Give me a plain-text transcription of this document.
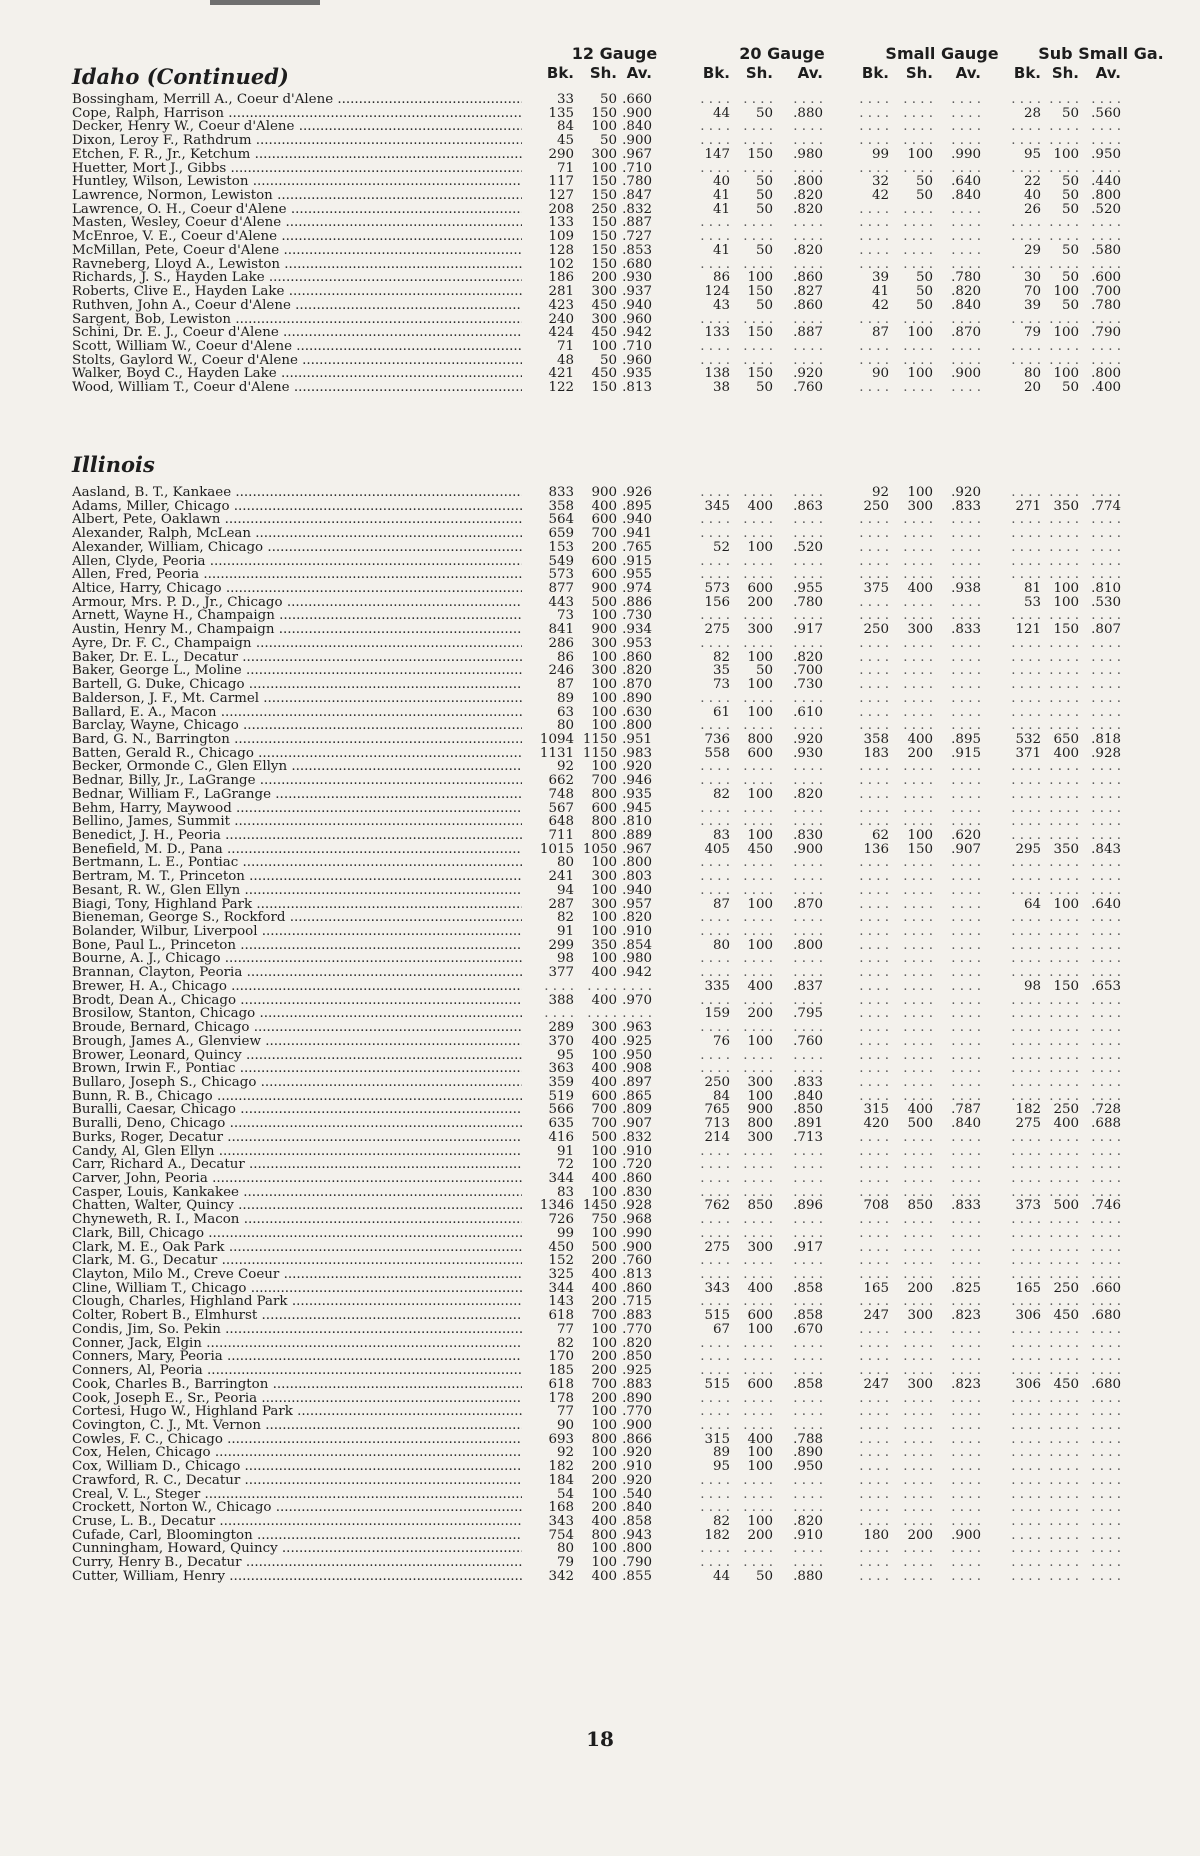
12 Gauge
Bk.	Sh. Av.
20 Gauge
Bk.	Sh.	Av.
Small Gauge
Bk.	Sh.	Av.
Sub Small Ga.
Bk. Sh.	Av.
Idaho (Continued)
Bossingham, Merrill A., Coeur d'Alene .....	33	50 .660	. . . . . . . .	. . . .	. . . .	. . . .	. . . .	. . . . . . . . . . . .
Cope, Ralph, Harrison .....	135	150 .900	44	50	.880	. . . .	. . . .	. . . .	28	50 .560
Decker, Henry W., Coeur d'Alene .....	84	100 .840	. . . . . . . .	. . . .	. . . .	. . . .	. . . .	. . . . . . . . . . . .
Dixon, Leroy F., Rathdrum .....	45	50 .900	. . . . . . . .	. . . .	. . . .	. . . .	. . . .	. . . . . . . . . . . .
Etchen, F. R., Jr., Ketchum .....	290	300 .967	147	150	.980	99	100	.990	95 100 .950
Huetter, Mort J., Gibbs .....	71	100 .710	. . . . . . . .	. . . .	. . . .	. . . .	. . . .	. . . . . . . . . . . .
Huntley, Wilson, Lewiston .....	117	150 .780	40	50	.800	32	50	.640	22	50 .440
Lawrence, Normon, Lewiston .....	127	150 .847	41	50	.820	42	50	.840	40	50 .800
Lawrence, O. H., Coeur d'Alene .....	208	250 .832	41	50	.820	. . . .	. . . .	. . . .	26	50 .520
Masten, Wesley, Coeur d'Alene .....	133	150 .887	. . . . . . . .	. . . .	. . . .	. . . .	. . . .	. . . . . . . . . . . .
McEnroe, V. E., Coeur d'Alene .....	109	150 .727	. . . . . . . .	. . . .	. . . .	. . . .	. . . .	. . . . . . . . . . . .
McMillan, Pete, Coeur d'Alene .....	128	150 .853	41	50	.820	. . . .	. . . .	. . . .	29	50 .580
Ravneberg, Lloyd A., Lewiston .....	102	150 .680	. . . . . . . .	. . . .	. . . .	. . . .	. . . .	. . . . . . . . . . . .
Richards, J. S., Hayden Lake .....	186	200 .930	86	100	.860	39	50	.780	30	50 .600
Roberts, Clive E., Hayden Lake .....	281	300 .937	124	150	.827	41	50	.820	70 100 .700
Ruthven, John A., Coeur d'Alene .....	423	450 .940	43	50	.860	42	50	.840	39	50 .780
Sargent, Bob, Lewiston .....	240	300 .960	. . . . . . . .	. . . .	. . . .	. . . .	. . . .	. . . . . . . . . . . .
Schini, Dr. E. J., Coeur d'Alene .....	424	450 .942	133	150	.887	87	100	.870	79 100 .790
Scott, William W., Coeur d'Alene .....	71	100 .710	. . . . . . . .	. . . .	. . . .	. . . .	. . . .	. . . . . . . . . . . .
Stolts, Gaylord W., Coeur d'Alene .....	48	50 .960	. . . . . . . .	. . . .	. . . .	. . . .	. . . .	. . . . . . . . . . . .
Walker, Boyd C., Hayden Lake .....	421	450 .935	138	150	.920	90	100	.900	80 100 .800
Wood, William T., Coeur d'Alene .....	122	150 .813	38	50	.760	. . . .	. . . .	. . . .	20	50 .400
Illinois
Aasland, B. T., Kankaee .....	833	900 .926	. . . . . . . .	. . . .	92	100	.920	. . . . . . . . . . . .
Adams, Miller, Chicago .....	358	400 .895	345	400	.863	250	300	.833	271 350 .774
Albert, Pete, Oaklawn .....	564	600 .940	. . . . . . . .	. . . .	. . . .	. . . .	. . . .	. . . . . . . . . . . .
Alexander, Ralph, McLean .....	659	700 .941	. . . . . . . .	. . . .	. . . .	. . . .	. . . .	. . . . . . . . . . . .
Alexander, William, Chicago .....	153	200 .765	52	100	.520	. . . .	. . . .	. . . .	. . . . . . . . . . . .
Allen, Clyde, Peoria .....	549	600 .915	. . . . . . . .	. . . .	. . . .	. . . .	. . . .	. . . . . . . . . . . .
Allen, Fred, Peoria .....	573	600 .955	. . . . . . . .	. . . .	. . . .	. . . .	. . . .	. . . . . . . . . . . .
Altice, Harry, Chicago .....	877	900 .974	573	600	.955	375	400	.938	81 100 .810
Armour, Mrs. P. D., Jr., Chicago .....	443	500 .886	156	200	.780	. . . .	. . . .	. . . .	53 100 .530
Arnett, Wayne H., Champaign .....	73	100 .730	. . . . . . . .	. . . .	. . . .	. . . .	. . . .	. . . . . . . . . . . .
Austin, Henry M., Champaign .....	841	900 .934	275	300	.917	250	300	.833	121 150 .807
Ayre, Dr. F. C., Champaign .....	286	300 .953	. . . . . . . .	. . . .	. . . .	. . . .	. . . .	. . . . . . . . . . . .
Baker, Dr. E. L., Decatur .....	86	100 .860	82	100	.820	. . . .	. . . .	. . . .	. . . . . . . . . . . .
Baker, George L., Moline .....	246	300 .820	35	50	.700	. . . .	. . . .	. . . .	. . . . . . . . . . . .
Bartell, G. Duke, Chicago .....	87	100 .870	73	100	.730	. . . .	. . . .	. . . .	. . . . . . . . . . . .
Balderson, J. F., Mt. Carmel .....	89	100 .890	. . . . . . . .	. . . .	. . . .	. . . .	. . . .	. . . . . . . . . . . .
Ballard, E. A., Macon .....	63	100 .630	61	100	.610	. . . .	. . . .	. . . .	. . . . . . . . . . . .
Barclay, Wayne, Chicago .....	80	100 .800	. . . . . . . .	. . . .	. . . .	. . . .	. . . .	. . . . . . . . . . . .
Bard, G. N., Barrington .....	1094 1150 .951	736	800	.920	358	400	.895	532 650 .818
Batten, Gerald R., Chicago .....	1131 1150 .983	558	600	.930	183	200	.915	371 400 .928
Becker, Ormonde C., Glen Ellyn .....	92	100 .920	. . . . . . . .	. . . .	. . . .	. . . .	. . . .	. . . . . . . . . . . .
Bednar, Billy, Jr., LaGrange .....	662	700 .946	. . . . . . . .	. . . .	. . . .	. . . .	. . . .	. . . . . . . . . . . .
Bednar, William F., LaGrange .....	748	800 .935	82	100	.820	. . . .	. . . .	. . . .	. . . . . . . . . . . .
Behm, Harry, Maywood .....	567	600 .945	. . . . . . . .	. . . .	. . . .	. . . .	. . . .	. . . . . . . . . . . .
Bellino, James, Summit .....	648	800 .810	. . . . . . . .	. . . .	. . . .	. . . .	. . . .	. . . . . . . . . . . .
Benedict, J. H., Peoria .....	711	800 .889	83	100	.830	62	100	.620	. . . . . . . . . . . .
Benefield, M. D., Pana .....	1015 1050 .967	405	450	.900	136	150	.907	295 350 .843
Bertmann, L. E., Pontiac .....	80	100 .800	. . . . . . . .	. . . .	. . . .	. . . .	. . . .	. . . . . . . . . . . .
Bertram, M. T., Princeton .....	241	300 .803	. . . . . . . .	. . . .	. . . .	. . . .	. . . .	. . . . . . . . . . . .
Besant, R. W., Glen Ellyn .....	94	100 .940	. . . . . . . .	. . . .	. . . .	. . . .	. . . .	. . . . . . . . . . . .
Biagi, Tony, Highland Park .....	287	300 .957	87	100	.870	. . . .	. . . .	. . . .	64 100 .640
Bieneman, George S., Rockford .....	82	100 .820	. . . . . . . .	. . . .	. . . .	. . . .	. . . .	. . . . . . . . . . . .
Bolander, Wilbur, Liverpool .....	91	100 .910	. . . . . . . .	. . . .	. . . .	. . . .	. . . .	. . . . . . . . . . . .
Bone, Paul L., Princeton .....	299	350 .854	80	100	.800	. . . .	. . . .	. . . .	. . . . . . . . . . . .
Bourne, A. J., Chicago .....	98	100 .980	. . . . . . . .	. . . .	. . . .	. . . .	. . . .	. . . . . . . . . . . .
Brannan, Clayton, Peoria .....	377	400 .942	. . . . . . . .	. . . .	. . . .	. . . .	. . . .	. . . . . . . . . . . .
Brewer, H. A., Chicago .....	. . . . . . . . . . . .	335	400	.837	. . . .	. . . .	. . . .	98 150 .653
Brodt, Dean A., Chicago .....	388	400 .970	. . . . . . . .	. . . .	. . . .	. . . .	. . . .	. . . . . . . . . . . .
Brosilow, Stanton, Chicago .....	. . . . . . . . . . . .	159	200	.795	. . . .	. . . .	. . . .	. . . . . . . . . . . .
Broude, Bernard, Chicago .....	289	300 .963	. . . . . . . .	. . . .	. . . .	. . . .	. . . .	. . . . . . . . . . . .
Brough, James A., Glenview .....	370	400 .925	76	100	.760	. . . .	. . . .	. . . .	. . . . . . . . . . . .
Brower, Leonard, Quincy .....	95	100 .950	. . . . . . . .	. . . .	. . . .	. . . .	. . . .	. . . . . . . . . . . .
Brown, Irwin F., Pontiac .....	363	400 .908	. . . . . . . .	. . . .	. . . .	. . . .	. . . .	. . . . . . . . . . . .
Bullaro, Joseph S., Chicago .....	359	400 .897	250	300	.833	. . . .	. . . .	. . . .	. . . . . . . . . . . .
Bunn, R. B., Chicago .....	519	600 .865	84	100	.840	. . . .	. . . .	. . . .	. . . . . . . . . . . .
Buralli, Caesar, Chicago .....	566	700 .809	765	900	.850	315	400	.787	182 250 .728
Buralli, Deno, Chicago .....	635	700 .907	713	800	.891	420	500	.840	275 400 .688
Burks, Roger, Decatur .....	416	500 .832	214	300	.713	. . . .	. . . .	. . . .	. . . . . . . . . . . .
Candy, Al, Glen Ellyn .....	91	100 .910	. . . . . . . .	. . . .	. . . .	. . . .	. . . .	. . . . . . . . . . . .
Carr, Richard A., Decatur .....	72	100 .720	. . . . . . . .	. . . .	. . . .	. . . .	. . . .	. . . . . . . . . . . .
Carver, John, Peoria .....	344	400 .860	. . . . . . . .	. . . .	. . . .	. . . .	. . . .	. . . . . . . . . . . .
Casper, Louis, Kankakee .....	83	100 .830	. . . . . . . .	. . . .	. . . .	. . . .	. . . .	. . . . . . . . . . . .
Chatten, Walter, Quincy .....	1346 1450 .928	762	850	.896	708	850	.833	373 500 .746
Chyneweth, R. I., Macon .....	726	750 .968	. . . . . . . .	. . . .	. . . .	. . . .	. . . .	. . . . . . . . . . . .
Clark, Bill, Chicago .....	99	100 .990	. . . . . . . .	. . . .	. . . .	. . . .	. . . .	. . . . . . . . . . . .
Clark, M. E., Oak Park .....	450	500 .900	275	300	.917	. . . .	. . . .	. . . .	. . . . . . . . . . . .
Clark, M. G., Decatur .....	152	200 .760	. . . . . . . .	. . . .	. . . .	. . . .	. . . .	. . . . . . . . . . . .
Clayton, Milo M., Creve Coeur .....	325	400 .813	. . . . . . . .	. . . .	. . . .	. . . .	. . . .	. . . . . . . . . . . .
Cline, William T., Chicago .....	344	400 .860	343	400	.858	165	200	.825	165 250 .660
Clough, Charles, Highland Park .....	143	200 .715	. . . . . . . .	. . . .	. . . .	. . . .	. . . .	. . . . . . . . . . . .
Colter, Robert B., Elmhurst .....	618	700 .883	515	600	.858	247	300	.823	306 450 .680
Condis, Jim, So. Pekin .....	77	100 .770	67	100	.670	. . . .	. . . .	. . . .	. . . . . . . . . . . .
Conner, Jack, Elgin .....	82	100 .820	. . . . . . . .	. . . .	. . . .	. . . .	. . . .	. . . . . . . . . . . .
Conners, Mary, Peoria .....	170	200 .850	. . . . . . . .	. . . .	. . . .	. . . .	. . . .	. . . . . . . . . . . .
Conners, Al, Peoria .....	185	200 .925	. . . . . . . .	. . . .	. . . .	. . . .	. . . .	. . . . . . . . . . . .
Cook, Charles B., Barrington .....	618	700 .883	515	600	.858	247	300	.823	306 450 .680
Cook, Joseph E., Sr., Peoria .....	178	200 .890	. . . . . . . .	. . . .	. . . .	. . . .	. . . .	. . . . . . . . . . . .
Cortesi, Hugo W., Highland Park .....	77	100 .770	. . . . . . . .	. . . .	. . . .	. . . .	. . . .	. . . . . . . . . . . .
Covington, C. J., Mt. Vernon .....	90	100 .900	. . . . . . . .	. . . .	. . . .	. . . .	. . . .	. . . . . . . . . . . .
Cowles, F. C., Chicago .....	693	800 .866	315	400	.788	. . . .	. . . .	. . . .	. . . . . . . . . . . .
Cox, Helen, Chicago .....	92	100 .920	89	100	.890	. . . .	. . . .	. . . .	. . . . . . . . . . . .
Cox, William D., Chicago .....	182	200 .910	95	100	.950	. . . .	. . . .	. . . .	. . . . . . . . . . . .
Crawford, R. C., Decatur .....	184	200 .920	. . . . . . . .	. . . .	. . . .	. . . .	. . . .	. . . . . . . . . . . .
Creal, V. L., Steger .....	54	100 .540	. . . . . . . .	. . . .	. . . .	. . . .	. . . .	. . . . . . . . . . . .
Crockett, Norton W., Chicago .....	168	200 .840	. . . . . . . .	. . . .	. . . .	. . . .	. . . .	. . . . . . . . . . . .
Cruse, L. B., Decatur .....	343	400 .858	82	100	.820	. . . .	. . . .	. . . .	. . . . . . . . . . . .
Cufade, Carl, Bloomington .....	754	800 .943	182	200	.910	180	200	.900	. . . . . . . . . . . .
Cunningham, Howard, Quincy .....	80	100 .800	. . . . . . . .	. . . .	. . . .	. . . .	. . . .	. . . . . . . . . . . .
Curry, Henry B., Decatur .....	79	100 .790	. . . . . . . .	. . . .	. . . .	. . . .	. . . .	. . . . . . . . . . . .
Cutter, William, Henry .....	342	400 .855	44	50	.880	. . . .	. . . .	. . . .	. . . . . . . . . . . .
18
